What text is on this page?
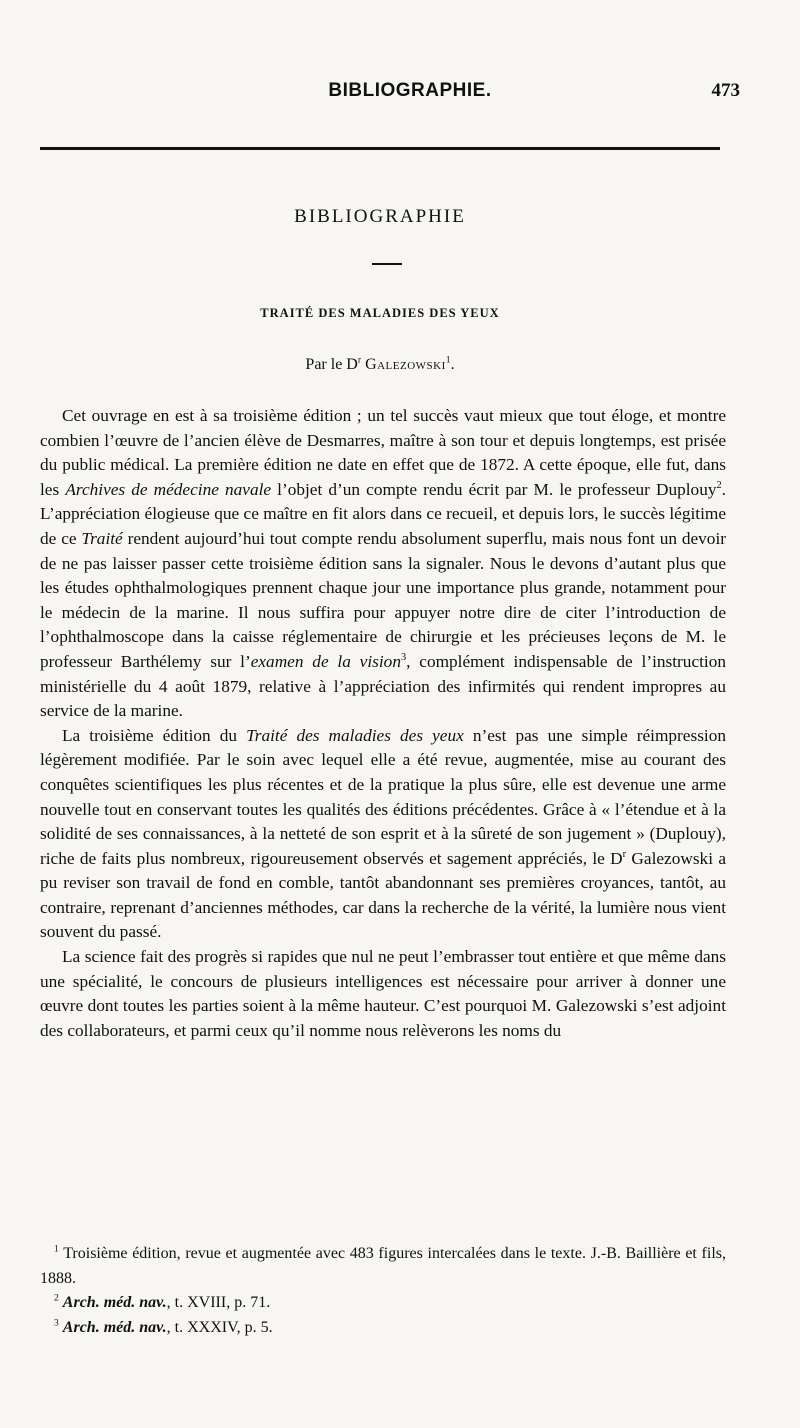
BIBLIOGRAPHIE.	473
BIBLIOGRAPHIE
TRAITÉ DES MALADIES DES YEUX
Par le $D^r$ Galezowski$^1$.

Cet ouvrage en est à sa troisième édition ; un tel succès vaut mieux que tout éloge, et montre combien l’œuvre de l’ancien élève de Desmarres, maître à son tour et depuis longtemps, est prisée du public médical. La première édition ne date en effet que de 1872. A cette époque, elle fut, dans les Archives de médecine navale l’objet d’un compte rendu écrit par M. le professeur Duplouy$^2$. L’appréciation élogieuse que ce maître en fit alors dans ce recueil, et depuis lors, le succès légitime de ce Traité rendent aujourd’hui tout compte rendu absolument superflu, mais nous font un devoir de ne pas laisser passer cette troisième édition sans la signaler. Nous le devons d’autant plus que les études ophthalmologiques prennent chaque jour une importance plus grande, notamment pour le médecin de la marine. Il nous suffira pour appuyer notre dire de citer l’introduction de l’ophthalmoscope dans la caisse réglementaire de chirurgie et les précieuses leçons de M. le professeur Barthélemy sur l’examen de la vision$^3$, complément indispensable de l’instruction ministérielle du 4 août 1879, relative à l’appréciation des infirmités qui rendent impropres au service de la marine.

La troisième édition du Traité des maladies des yeux n’est pas une simple réimpression légèrement modifiée. Par le soin avec lequel elle a été revue, augmentée, mise au courant des conquêtes scientifiques les plus récentes et de la pratique la plus sûre, elle est devenue une arme nouvelle tout en conservant toutes les qualités des éditions précédentes. Grâce à « l’étendue et à la solidité de ses connaissances, à la netteté de son esprit et à la sûreté de son jugement » (Duplouy), riche de faits plus nombreux, rigoureusement observés et sagement appréciés, le $D^r$ Galezowski a pu reviser son travail de fond en comble, tantôt abandonnant ses premières croyances, tantôt, au contraire, reprenant d’anciennes méthodes, car dans la recherche de la vérité, la lumière nous vient souvent du passé.

La science fait des progrès si rapides que nul ne peut l’embrasser tout entière et que même dans une spécialité, le concours de plusieurs intelligences est nécessaire pour arriver à donner une œuvre dont toutes les parties soient à la même hauteur. C’est pourquoi M. Galezowski s’est adjoint des collaborateurs, et parmi ceux qu’il nomme nous relèverons les noms du

$^1$ Troisième édition, revue et augmentée avec 483 figures intercalées dans le texte. J.-B. Baillière et fils, 1888.

$^2$ Arch. méd. nav., t. XVIII, p. 71.

$^3$ Arch. méd. nav., t. XXXIV, p. 5.
